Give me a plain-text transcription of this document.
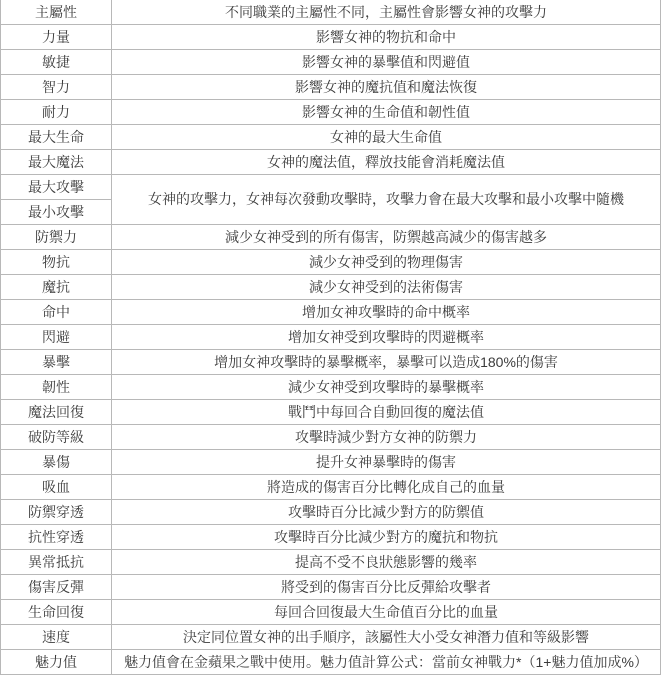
主屬性	不同職業的主屬性不同，主屬性會影響女神的攻擊力
力量	影響女神的物抗和命中
敏捷	影響女神的暴擊值和閃避值
智力	影響女神的魔抗值和魔法恢復
耐力	影響女神的生命值和韌性值
最大生命	女神的最大生命值
最大魔法	女神的魔法值，釋放技能會消耗魔法值
最大攻擊	女神的攻擊力，女神每次發動攻擊時，攻擊力會在最大攻擊和最小攻擊中隨機
最小攻擊	
防禦力	減少女神受到的所有傷害，防禦越高減少的傷害越多
物抗	減少女神受到的物理傷害
魔抗	減少女神受到的法術傷害
命中	增加女神攻擊時的命中概率
閃避	增加女神受到攻擊時的閃避概率
暴擊	增加女神攻擊時的暴擊概率，暴擊可以造成180%的傷害
韌性	減少女神受到攻擊時的暴擊概率
魔法回復	戰鬥中每回合自動回復的魔法值
破防等級	攻擊時減少對方女神的防禦力
暴傷	提升女神暴擊時的傷害
吸血	將造成的傷害百分比轉化成自己的血量
防禦穿透	攻擊時百分比減少對方的防禦值
抗性穿透	攻擊時百分比減少對方的魔抗和物抗
異常抵抗	提高不受不良狀態影響的幾率
傷害反彈	將受到的傷害百分比反彈給攻擊者
生命回復	每回合回復最大生命值百分比的血量
速度	決定同位置女神的出手順序，該屬性大小受女神潛力值和等級影響
魅力值	魅力值會在金蘋果之戰中使用。魅力值計算公式：當前女神戰力*（1+魅力值加成%）
